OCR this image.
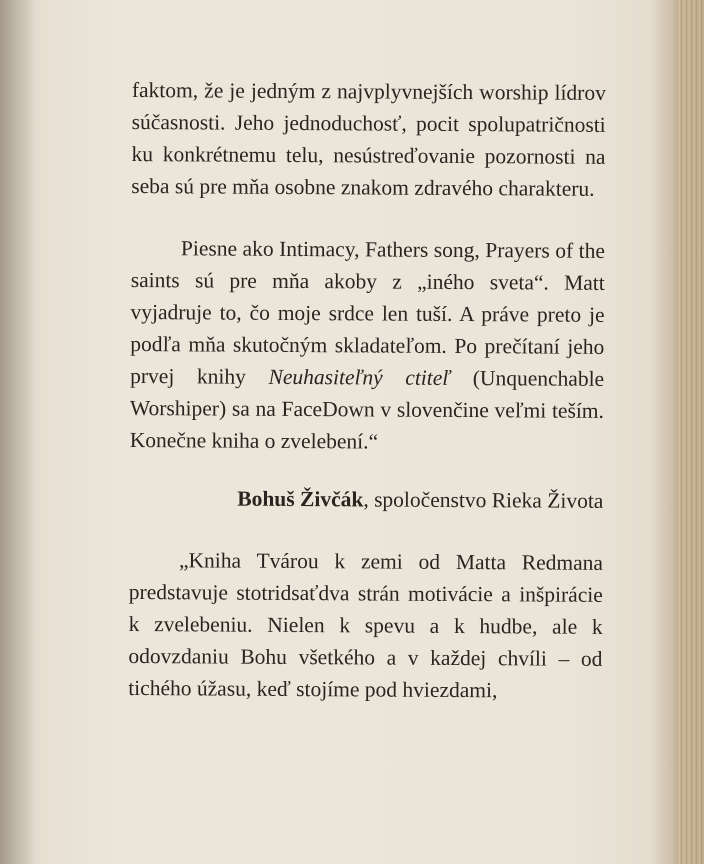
faktom, že je jedným z najvplyvnejších worship lídrov súčasnosti. Jeho jednoduchosť, pocit spolupatričnosti ku konkrétnemu telu, nesústreďovanie pozornosti na seba sú pre mňa osobne znakom zdravého charakteru.

Piesne ako Intimacy, Fathers song, Prayers of the saints sú pre mňa akoby z „iného sveta“. Matt vyjadruje to, čo moje srdce len tuší. A práve preto je podľa mňa skutočným skladateľom. Po prečítaní jeho prvej knihy Neuhasiteľný ctiteľ (Unquenchable Worshiper) sa na FaceDown v slovenčine veľmi teším. Konečne kniha o zvelebení.“

Bohuš Živčák, spoločenstvo Rieka Života

„Kniha Tvárou k zemi od Matta Redmana predstavuje stotridsaťdva strán motivácie a inšpirácie k zvelebeniu. Nielen k spevu a k hudbe, ale k odovzdaniu Bohu všetkého a v každej chvíli – od tichého úžasu, keď stojíme pod hviezdami,
